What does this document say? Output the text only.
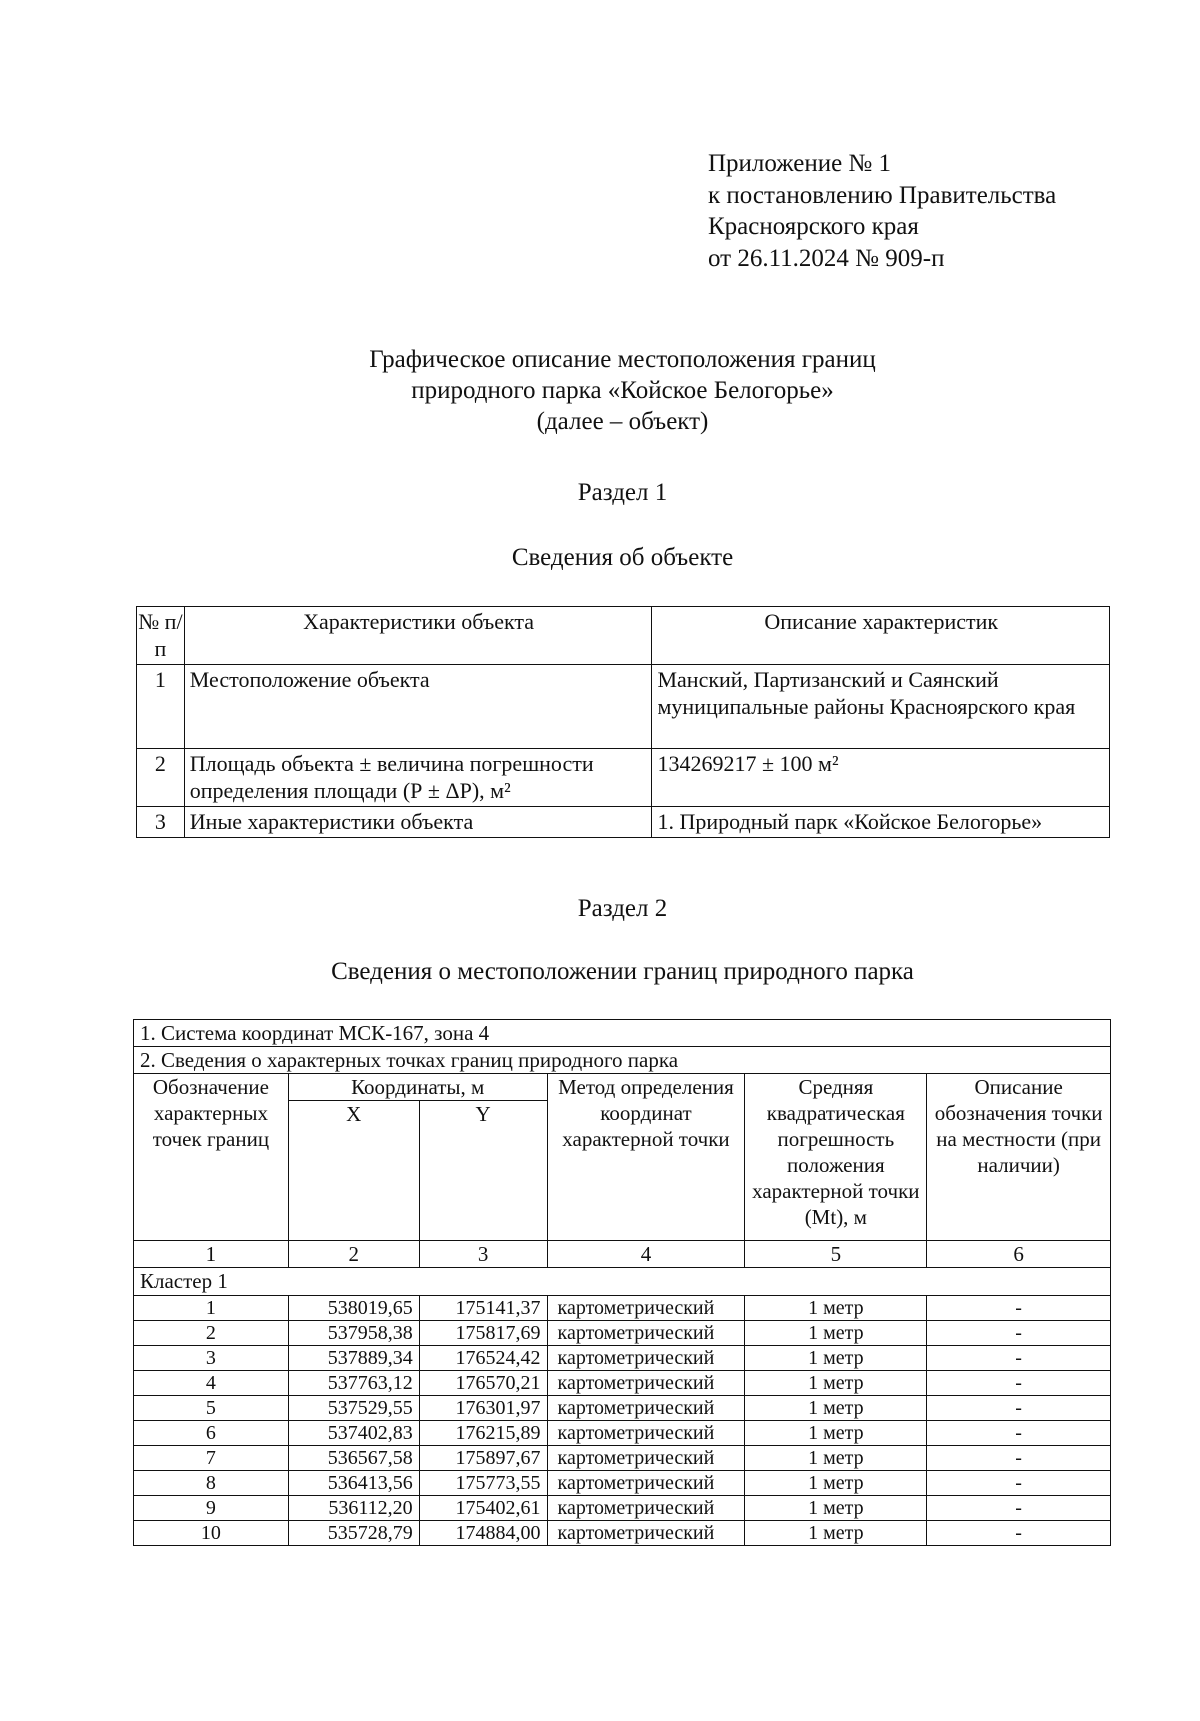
Приложение № 1
к постановлению Правительства
Красноярского края
от 26.11.2024 № 909-п
Графическое описание местоположения границ
природного парка «Койское Белогорье»
(далее – объект)
Раздел 1
Сведения об объекте
№ п/п	Характеристики объекта	Описание характеристик
1	Местоположение объекта	Манский, Партизанский и Саянский муниципальные районы Красноярского края
2	Площадь объекта ± величина погрешности определения площади (Р ± ΔР), м²	134269217 ± 100 м²
3	Иные характеристики объекта	1. Природный парк «Койское Белогорье»
Раздел 2
Сведения о местоположении границ природного парка
1. Система координат МСК-167, зона 4					
2. Сведения о характерных точках границ природного парка					
Обозначение характерных точек границ	Координаты, м		Метод определения координат характерной точки	Средняя квадратическая погрешность положения характерной точки (Mt), м	Описание обозначения точки на местности (при наличии)
	X	Y			
1	2	3	4	5	6
Кластер 1					
1	538019,65	175141,37	картометрический	1 метр	-
2	537958,38	175817,69	картометрический	1 метр	-
3	537889,34	176524,42	картометрический	1 метр	-
4	537763,12	176570,21	картометрический	1 метр	-
5	537529,55	176301,97	картометрический	1 метр	-
6	537402,83	176215,89	картометрический	1 метр	-
7	536567,58	175897,67	картометрический	1 метр	-
8	536413,56	175773,55	картометрический	1 метр	-
9	536112,20	175402,61	картометрический	1 метр	-
10	535728,79	174884,00	картометрический	1 метр	-
